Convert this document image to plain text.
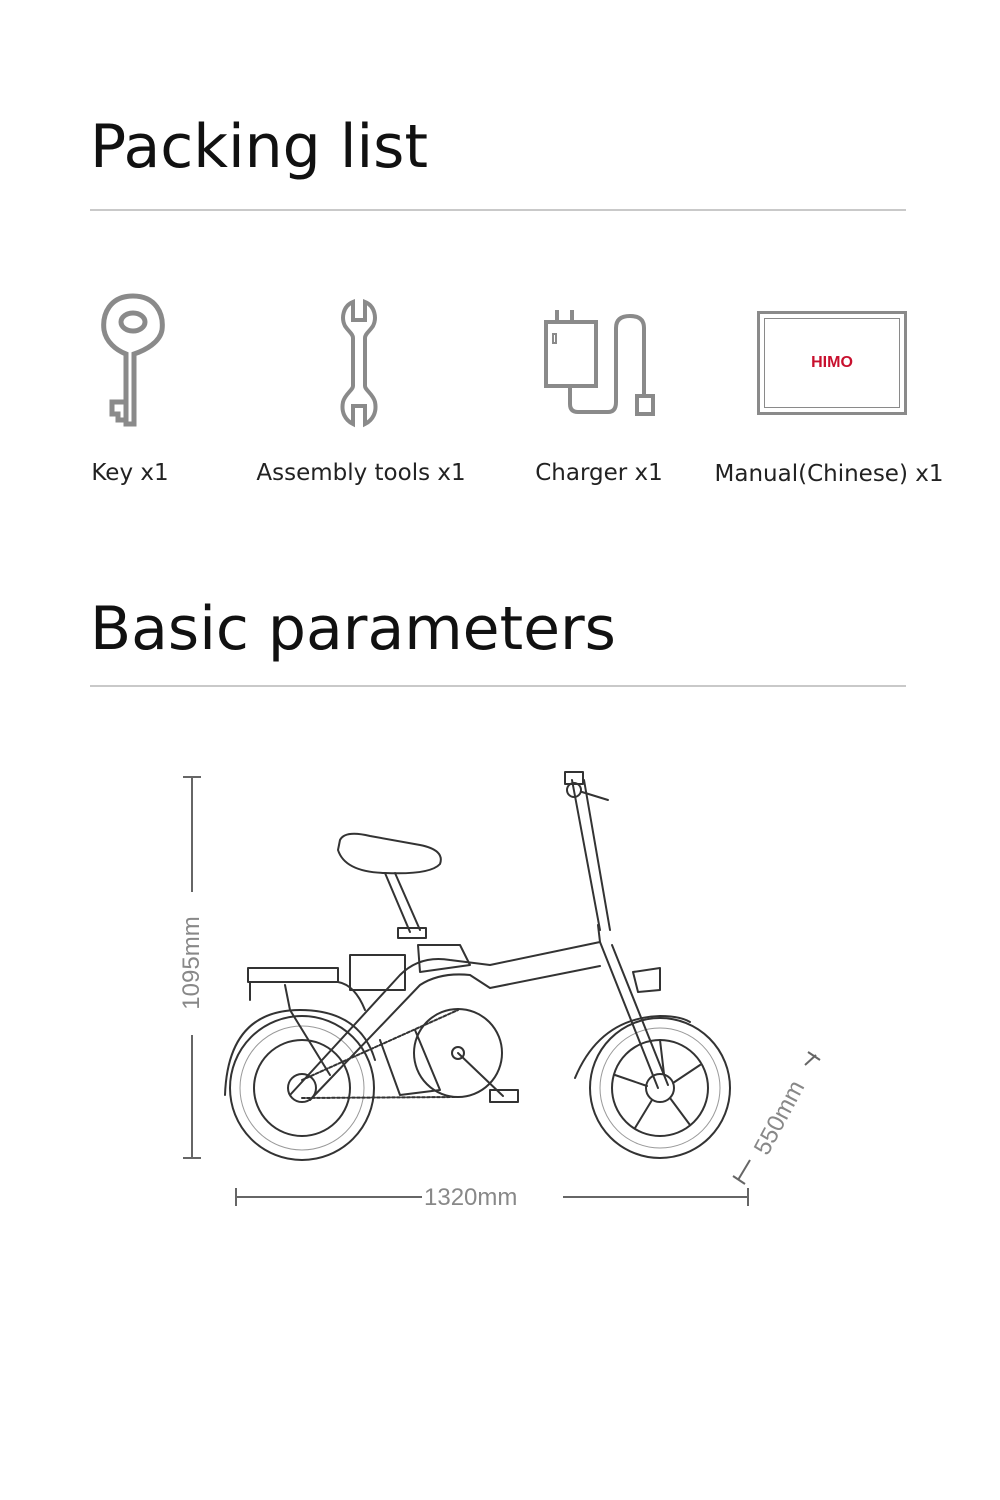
Packing list
Key x1	Assembly tools x1	Charger x1
HIMO
Manual(Chinese) x1
Basic parameters
1095mm
1320mm
550mm
